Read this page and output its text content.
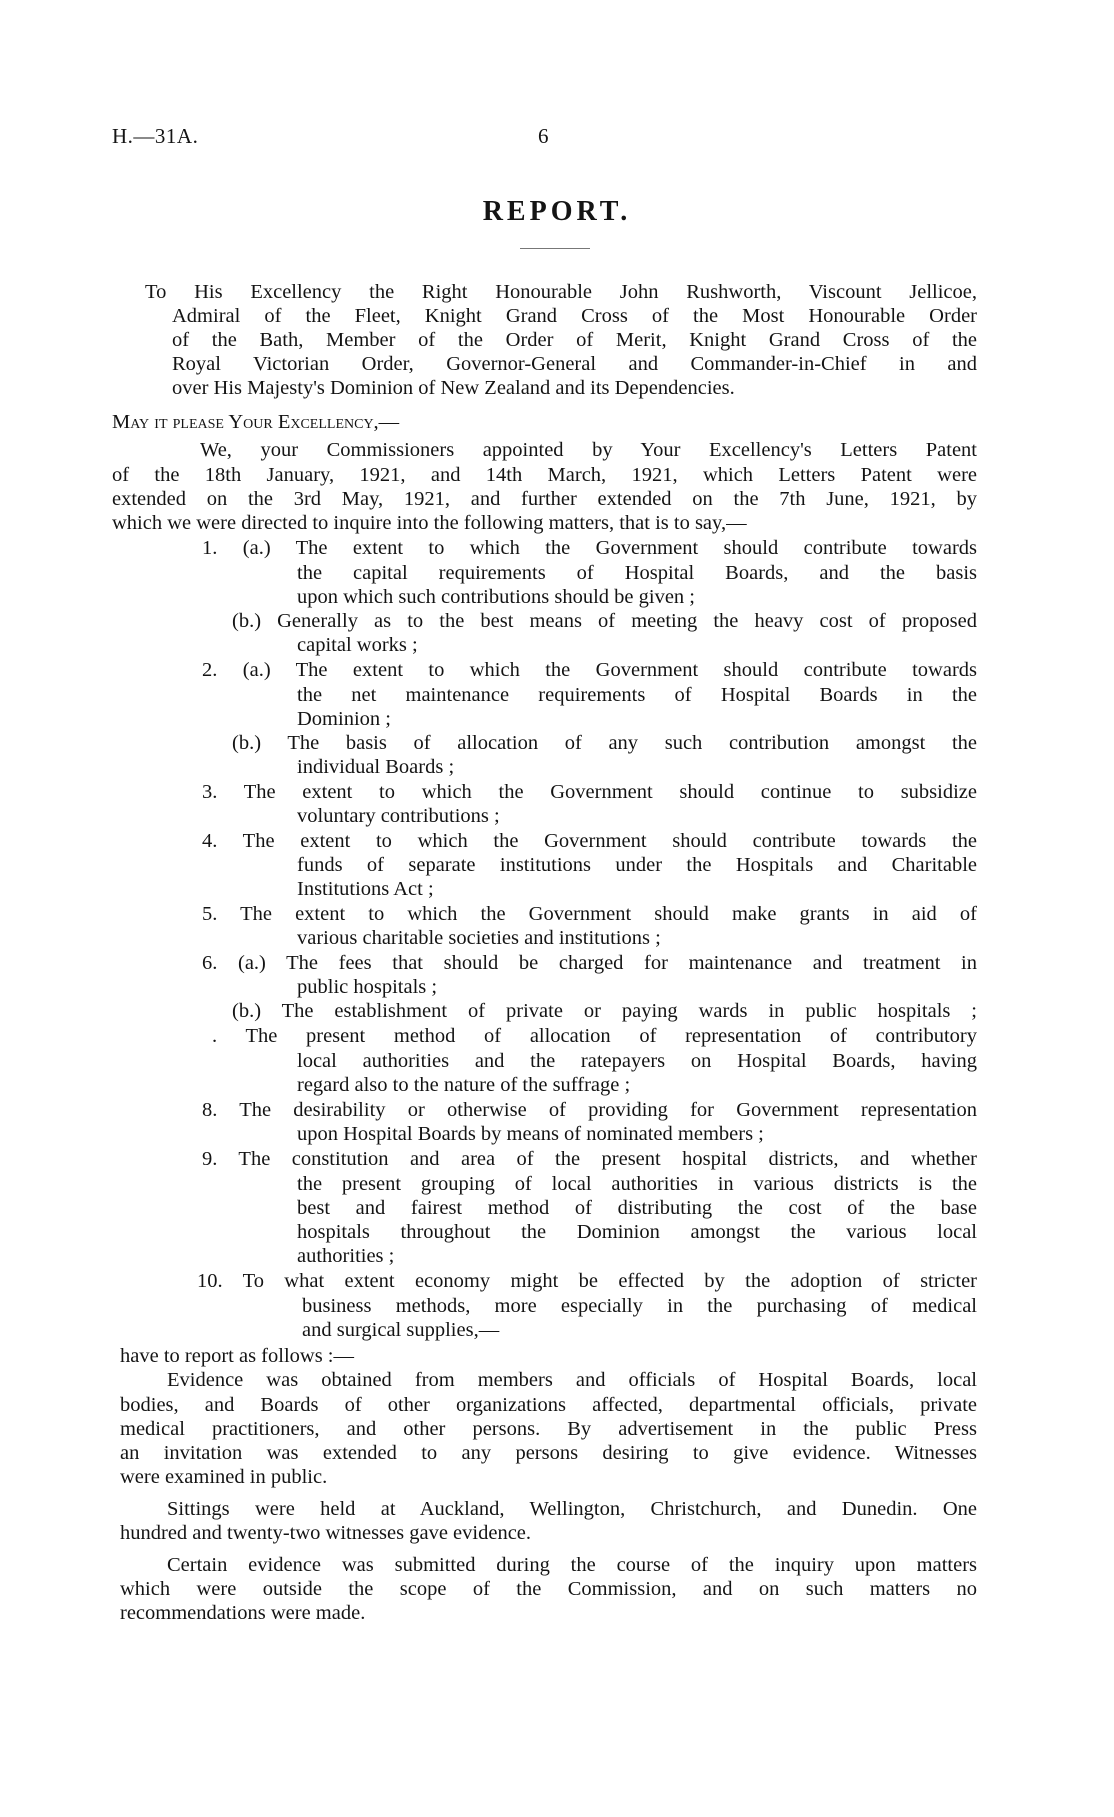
H.—31A.	6
REPORT.
To His Excellency the Right Honourable John Rushworth, Viscount Jellicoe,
Admiral of the Fleet, Knight Grand Cross of the Most Honourable Order
of the Bath, Member of the Order of Merit, Knight Grand Cross of the
Royal Victorian Order, Governor-General and Commander-in-Chief in and
over His Majesty's Dominion of New Zealand and its Dependencies.
May it please Your Excellency,—
We, your Commissioners appointed by Your Excellency's Letters Patent
of the 18th January, 1921, and 14th March, 1921, which Letters Patent were
extended on the 3rd May, 1921, and further extended on the 7th June, 1921, by
which we were directed to inquire into the following matters, that is to say,—
1. (a.) The extent to which the Government should contribute towards
the capital requirements of Hospital Boards, and the basis
upon which such contributions should be given ;
(b.) Generally as to the best means of meeting the heavy cost of proposed
capital works ;
2. (a.) The extent to which the Government should contribute towards
the net maintenance requirements of Hospital Boards in the
Dominion ;
(b.) The basis of allocation of any such contribution amongst the
individual Boards ;
3. The extent to which the Government should continue to subsidize
voluntary contributions ;
4. The extent to which the Government should contribute towards the
funds of separate institutions under the Hospitals and Charitable
Institutions Act ;
5. The extent to which the Government should make grants in aid of
various charitable societies and institutions ;
6. (a.) The fees that should be charged for maintenance and treatment in
public hospitals ;
(b.) The establishment of private or paying wards in public hospitals ;
. The present method of allocation of representation of contributory
local authorities and the ratepayers on Hospital Boards, having
regard also to the nature of the suffrage ;
8. The desirability or otherwise of providing for Government representation
upon Hospital Boards by means of nominated members ;
9. The constitution and area of the present hospital districts, and whether
the present grouping of local authorities in various districts is the
best and fairest method of distributing the cost of the base
hospitals throughout the Dominion amongst the various local
authorities ;
10. To what extent economy might be effected by the adoption of stricter
business methods, more especially in the purchasing of medical
and surgical supplies,—
have to report as follows :—
Evidence was obtained from members and officials of Hospital Boards, local
bodies, and Boards of other organizations affected, departmental officials, private
medical practitioners, and other persons. By advertisement in the public Press
an invitation was extended to any persons desiring to give evidence. Witnesses
were examined in public.
Sittings were held at Auckland, Wellington, Christchurch, and Dunedin. One
hundred and twenty-two witnesses gave evidence.
Certain evidence was submitted during the course of the inquiry upon matters
which were outside the scope of the Commission, and on such matters no
recommendations were made.
